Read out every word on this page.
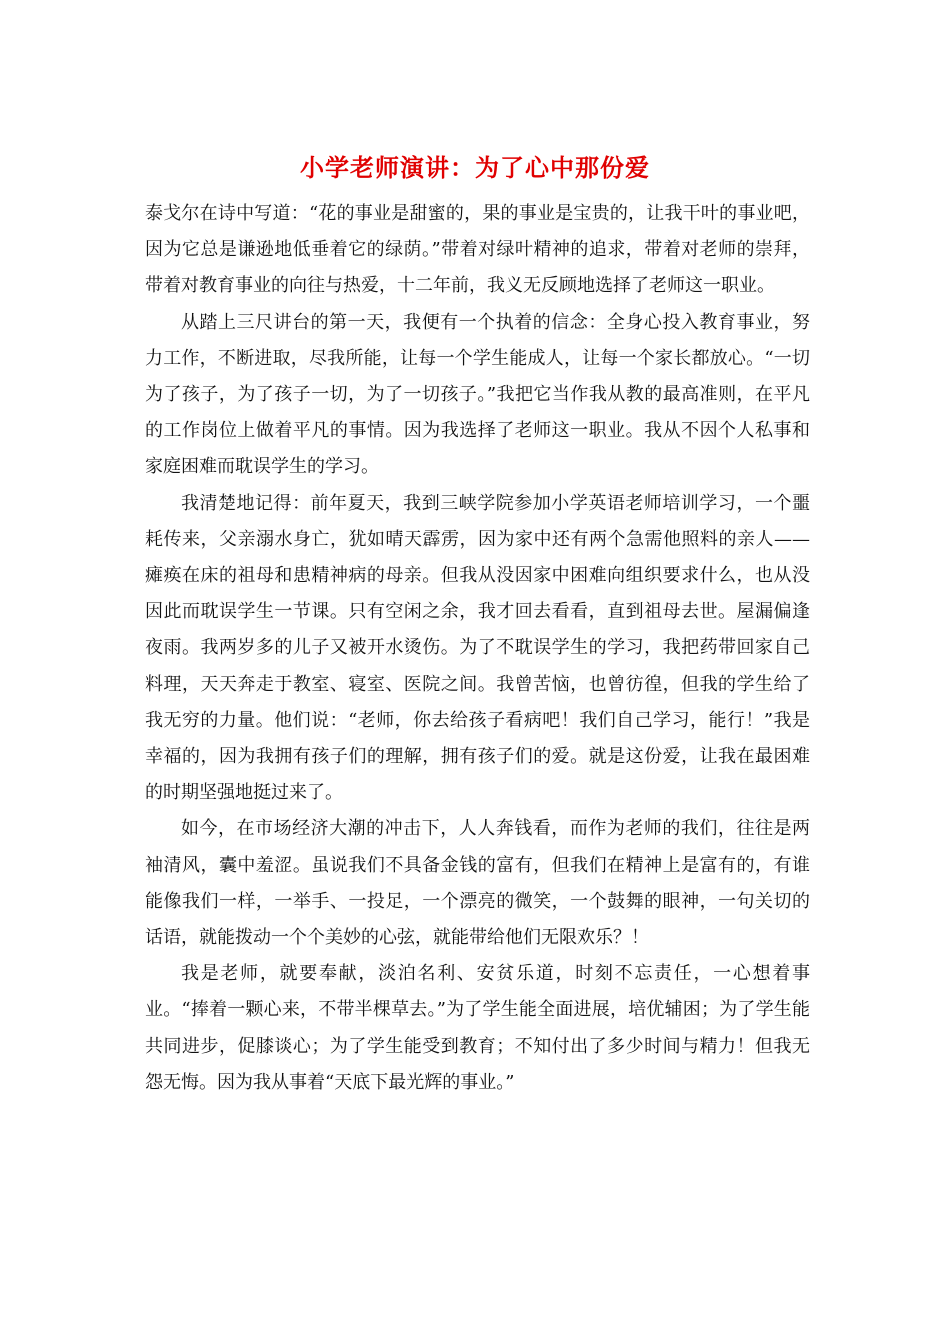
小学老师演讲：为了心中那份爱

泰戈尔在诗中写道：“花的事业是甜蜜的，果的事业是宝贵的，让我干叶的事业吧，因为它总是谦逊地低垂着它的绿荫。”带着对绿叶精神的追求，带着对老师的崇拜，带着对教育事业的向往与热爱，十二年前，我义无反顾地选择了老师这一职业。

从踏上三尺讲台的第一天，我便有一个执着的信念：全身心投入教育事业，努力工作，不断进取，尽我所能，让每一个学生能成人，让每一个家长都放心。“一切为了孩子，为了孩子一切，为了一切孩子。”我把它当作我从教的最高准则，在平凡的工作岗位上做着平凡的事情。因为我选择了老师这一职业。我从不因个人私事和家庭困难而耽误学生的学习。

我清楚地记得：前年夏天，我到三峡学院参加小学英语老师培训学习，一个噩耗传来，父亲溺水身亡，犹如晴天霹雳，因为家中还有两个急需他照料的亲人——瘫痪在床的祖母和患精神病的母亲。但我从没因家中困难向组织要求什么，也从没因此而耽误学生一节课。只有空闲之余，我才回去看看，直到祖母去世。屋漏偏逢夜雨。我两岁多的儿子又被开水烫伤。为了不耽误学生的学习，我把药带回家自己料理，天天奔走于教室、寝室、医院之间。我曾苦恼，也曾彷徨，但我的学生给了我无穷的力量。他们说：“老师，你去给孩子看病吧！我们自己学习，能行！”我是幸福的，因为我拥有孩子们的理解，拥有孩子们的爱。就是这份爱，让我在最困难的时期坚强地挺过来了。

如今，在市场经济大潮的冲击下，人人奔钱看，而作为老师的我们，往往是两袖清风，囊中羞涩。虽说我们不具备金钱的富有，但我们在精神上是富有的，有谁能像我们一样，一举手、一投足，一个漂亮的微笑，一个鼓舞的眼神，一句关切的话语，就能拨动一个个美妙的心弦，就能带给他们无限欢乐？！

我是老师，就要奉献，淡泊名利、安贫乐道，时刻不忘责任，一心想着事业。“捧着一颗心来，不带半棵草去。”为了学生能全面进展，培优辅困；为了学生能共同进步，促膝谈心；为了学生能受到教育；不知付出了多少时间与精力！但我无怨无悔。因为我从事着“天底下最光辉的事业。”
